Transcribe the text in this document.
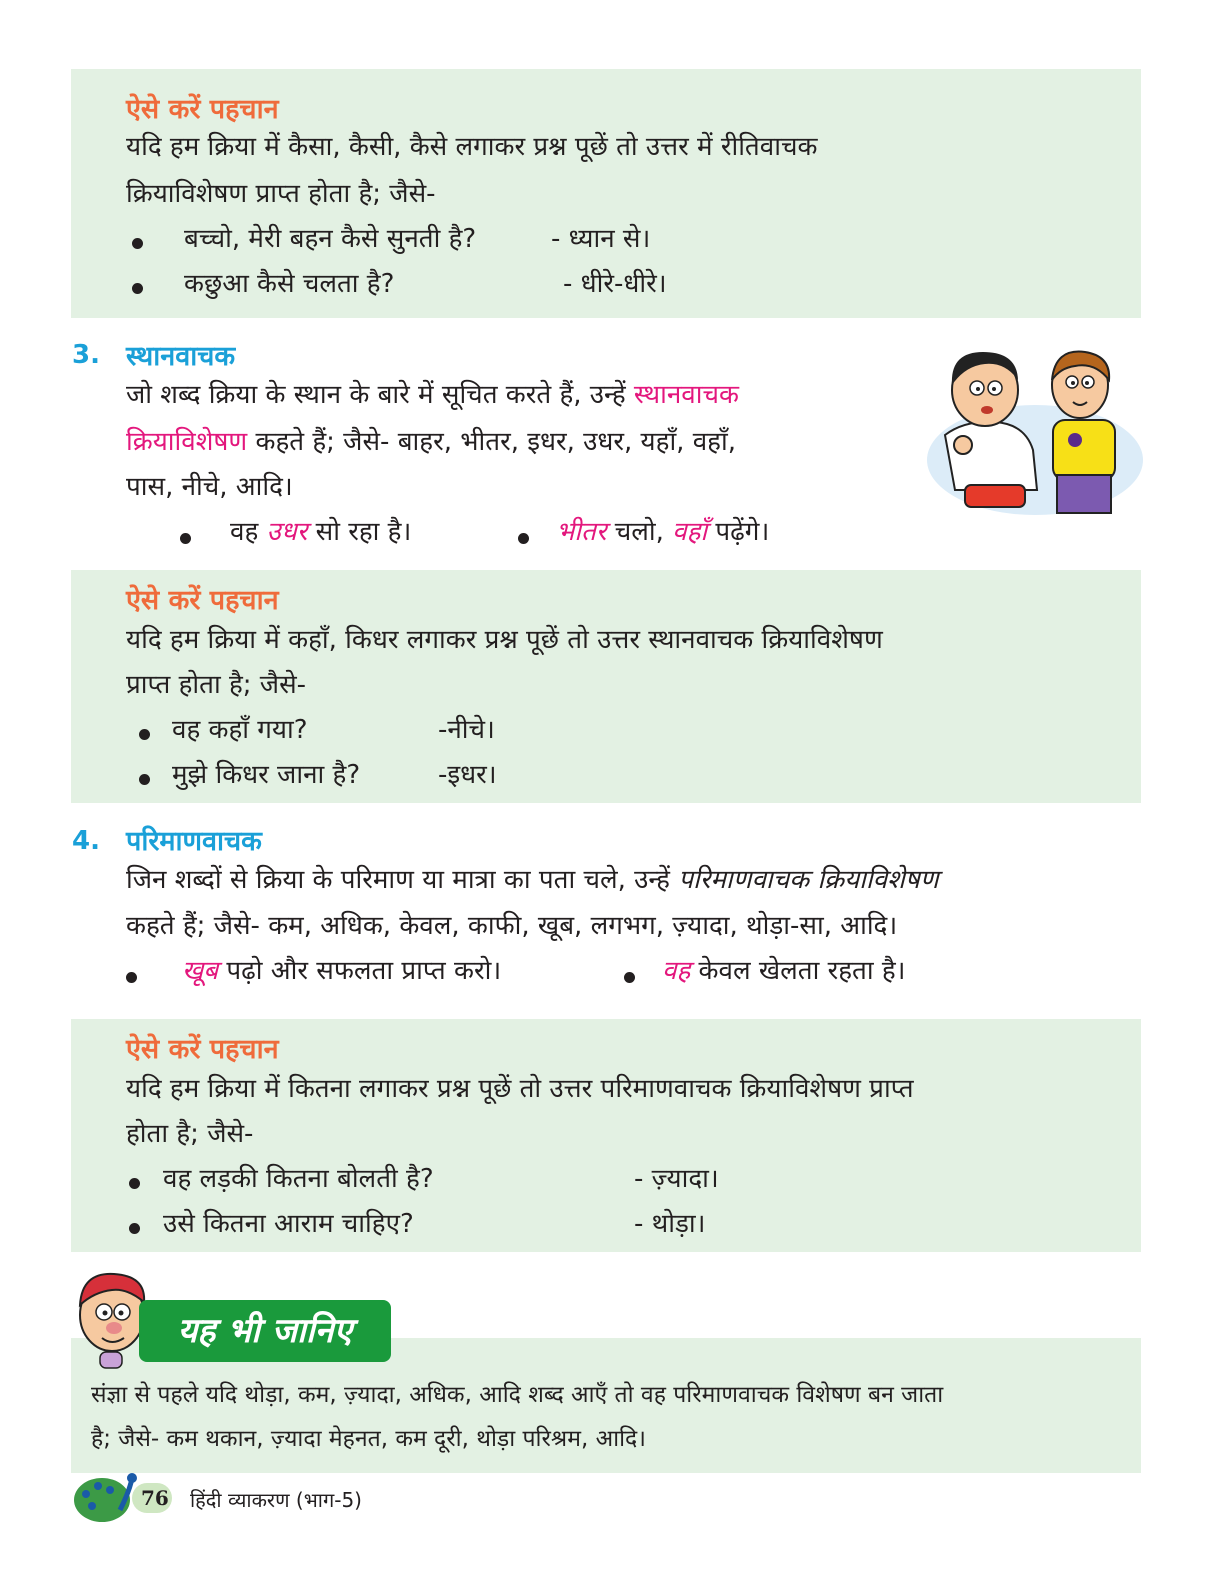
ऐसे करें पहचान
यदि हम क्रिया में कैसा, कैसी, कैसे लगाकर प्रश्न पूछें तो उत्तर में रीतिवाचक
क्रियाविशेषण प्राप्त होता है; जैसे-
बच्चो, मेरी बहन कैसे सुनती है?	- ध्यान से।
कछुआ कैसे चलता है?	- धीरे-धीरे।
3. स्थानवाचक
जो शब्द क्रिया के स्थान के बारे में सूचित करते हैं, उन्हें स्थानवाचक
क्रियाविशेषण कहते हैं; जैसे- बाहर, भीतर, इधर, उधर, यहाँ, वहाँ,
पास, नीचे, आदि।
वह उधर सो रहा है।	भीतर चलो, वहाँ पढ़ेंगे।
ऐसे करें पहचान
यदि हम क्रिया में कहाँ, किधर लगाकर प्रश्न पूछें तो उत्तर स्थानवाचक क्रियाविशेषण
प्राप्त होता है; जैसे-
वह कहाँ गया?	-नीचे।
मुझे किधर जाना है?	-इधर।
4. परिमाणवाचक
जिन शब्दों से क्रिया के परिमाण या मात्रा का पता चले, उन्हें परिमाणवाचक क्रियाविशेषण
कहते हैं; जैसे- कम, अधिक, केवल, काफी, खूब, लगभग, ज़्यादा, थोड़ा-सा, आदि।
खूब पढ़ो और सफलता प्राप्त करो।	वह केवल खेलता रहता है।
ऐसे करें पहचान
यदि हम क्रिया में कितना लगाकर प्रश्न पूछें तो उत्तर परिमाणवाचक क्रियाविशेषण प्राप्त
होता है; जैसे-
वह लड़की कितना बोलती है?	- ज़्यादा।
उसे कितना आराम चाहिए?	- थोड़ा।
संज्ञा से पहले यदि थोड़ा, कम, ज़्यादा, अधिक, आदि शब्द आएँ तो वह परिमाणवाचक विशेषण बन जाता
है; जैसे- कम थकान, ज़्यादा मेहनत, कम दूरी, थोड़ा परिश्रम, आदि।
यह भी जानिए
76 हिंदी व्याकरण (भाग-5)
